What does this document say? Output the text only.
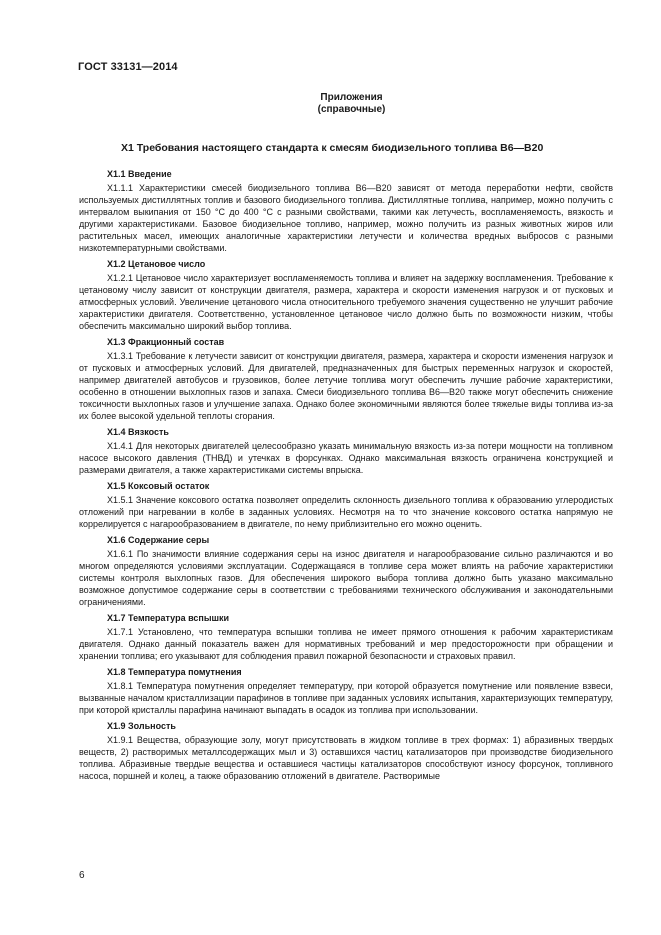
ГОСТ 33131—2014
Приложения
(справочные)
X1 Требования настоящего стандарта к смесям биодизельного топлива В6—В20
X1.1 Введение

X1.1.1 Характеристики смесей биодизельного топлива В6—В20 зависят от метода переработки нефти, свойств используемых дистиллятных топлив и базового биодизельного топлива. Дистиллятные топлива, например, можно получить с интервалом выкипания от 150 °C до 400 °C с разными свойствами, такими как летучесть, воспламеняемость, вязкость и другими характеристиками. Базовое биодизельное топливо, например, можно получить из разных животных жиров или растительных масел, имеющих аналогичные характеристики летучести и количества вредных выбросов с разными низкотемпературными свойствами.

X1.2 Цетановое число

X1.2.1 Цетановое число характеризует воспламеняемость топлива и влияет на задержку воспламенения. Требование к цетановому числу зависит от конструкции двигателя, размера, характера и скорости изменения нагрузок и от пусковых и атмосферных условий. Увеличение цетанового числа относительного требуемого значения существенно не улучшит рабочие характеристики двигателя. Соответственно, установленное цетановое число должно быть по возможности низким, чтобы обеспечить максимально широкий выбор топлива.

X1.3 Фракционный состав

X1.3.1 Требование к летучести зависит от конструкции двигателя, размера, характера и скорости изменения нагрузок и от пусковых и атмосферных условий. Для двигателей, предназначенных для быстрых переменных нагрузок и скоростей, например двигателей автобусов и грузовиков, более летучие топлива могут обеспечить лучшие рабочие характеристики, особенно в отношении выхлопных газов и запаха. Смеси биодизельного топлива В6—В20 также могут обеспечить снижение токсичности выхлопных газов и улучшение запаха. Однако более экономичными являются более тяжелые виды топлива из-за их более высокой удельной теплоты сгорания.

X1.4 Вязкость

X1.4.1 Для некоторых двигателей целесообразно указать минимальную вязкость из-за потери мощности на топливном насосе высокого давления (ТНВД) и утечках в форсунках. Однако максимальная вязкость ограничена конструкцией и размерами двигателя, а также характеристиками системы впрыска.

X1.5 Коксовый остаток

X1.5.1 Значение коксового остатка позволяет определить склонность дизельного топлива к образованию углеродистых отложений при нагревании в колбе в заданных условиях. Несмотря на то что значение коксового остатка напрямую не коррелируется с нагарообразованием в двигателе, по нему приблизительно его можно оценить.

X1.6 Содержание серы

X1.6.1 По значимости влияние содержания серы на износ двигателя и нагарообразование сильно различаются и во многом определяются условиями эксплуатации. Содержащаяся в топливе сера может влиять на рабочие характеристики системы контроля выхлопных газов. Для обеспечения широкого выбора топлива должно быть указано максимально возможное допустимое содержание серы в соответствии с требованиями технического обслуживания и законодательными ограничениями.

X1.7 Температура вспышки

X1.7.1 Установлено, что температура вспышки топлива не имеет прямого отношения к рабочим характеристикам двигателя. Однако данный показатель важен для нормативных требований и мер предосторожности при обращении и хранении топлива; его указывают для соблюдения правил пожарной безопасности и страховых правил.

X1.8 Температура помутнения

X1.8.1 Температура помутнения определяет температуру, при которой образуется помутнение или появление взвеси, вызванные началом кристаллизации парафинов в топливе при заданных условиях испытания, характеризующих температуру, при которой кристаллы парафина начинают выпадать в осадок из топлива при использовании.

X1.9 Зольность

X1.9.1 Вещества, образующие золу, могут присутствовать в жидком топливе в трех формах: 1) абразивных твердых веществ, 2) растворимых металлсодержащих мыл и 3) оставшихся частиц катализаторов при производстве биодизельного топлива. Абразивные твердые вещества и оставшиеся частицы катализаторов способствуют износу форсунок, топливного насоса, поршней и колец, а также образованию отложений в двигателе. Растворимые

6
